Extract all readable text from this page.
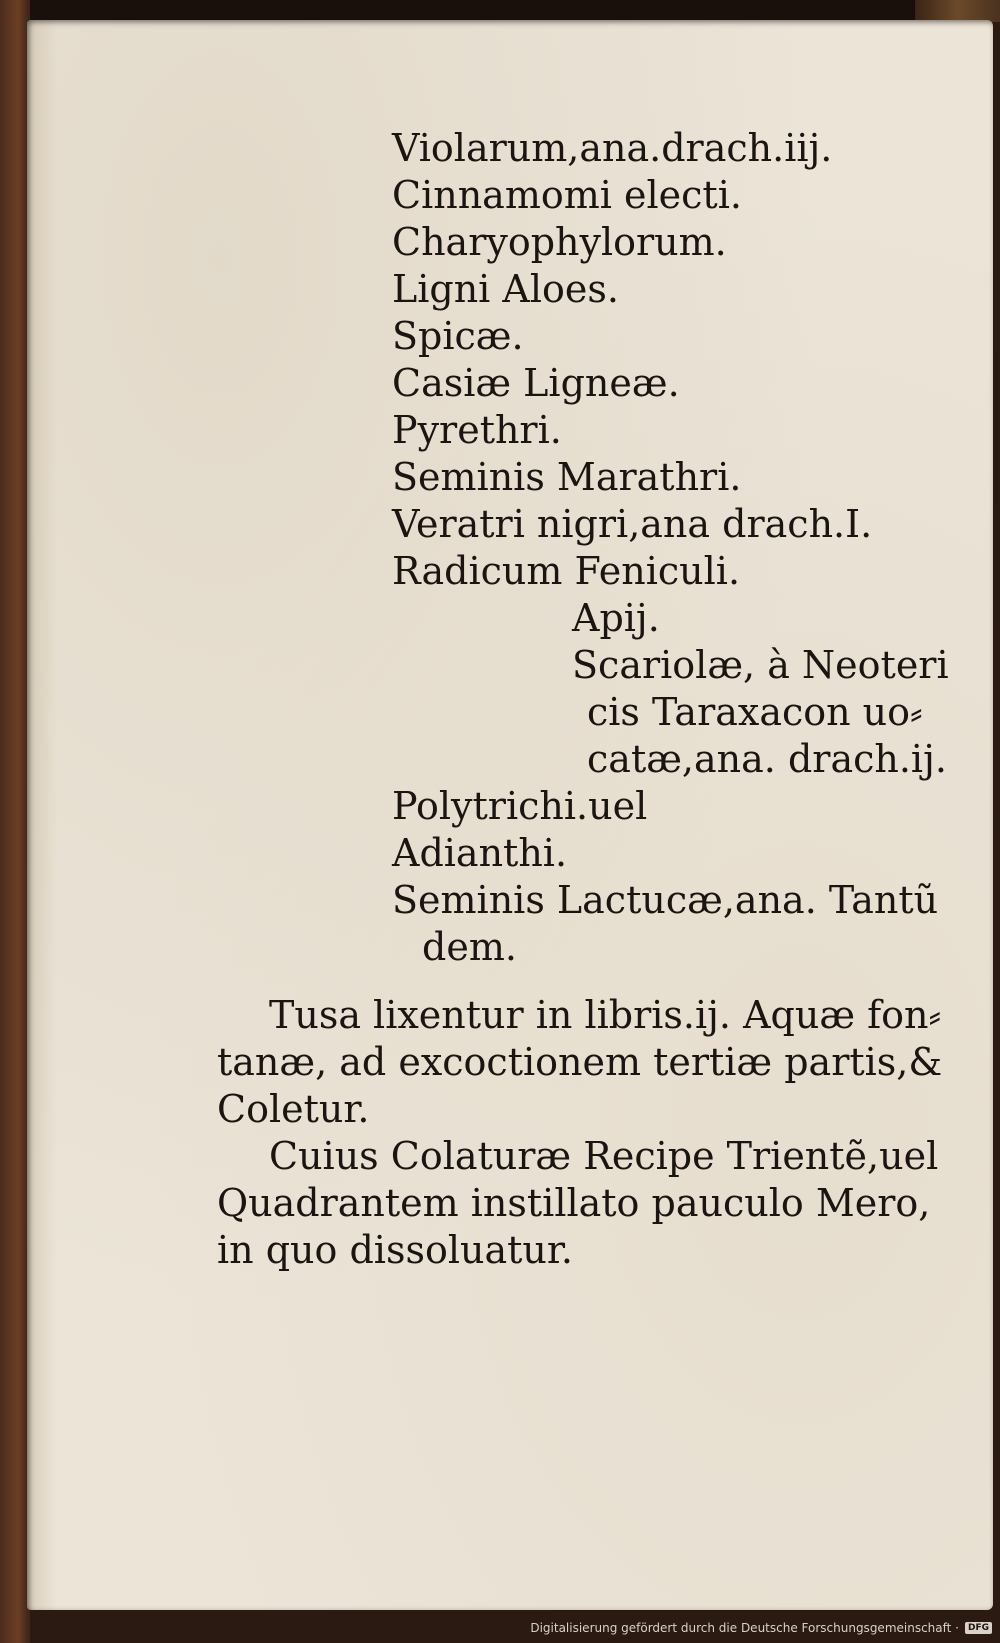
Violarum,ana.drach.iij.
Cinnamomi electi.
Charyophylorum.
Ligni Aloes.
Spicæ.
Casiæ Ligneæ.
Pyrethri.
Seminis Marathri.
Veratri nigri,ana drach.I.
Radicum Feniculi.
Apij.
Scariolæ, à Neoteri
cis Taraxacon uo⸗
catæ,ana. drach.ij.
Polytrichi.uel
Adianthi.
Seminis Lactucæ,ana. Tantũ
dem.
Tusa lixentur in libris.ij. Aquæ fon⸗
tanæ, ad excoctionem tertiæ partis,&
Coletur.
Cuius Colaturæ Recipe Trientẽ,uel
Quadrantem instillato pauculo Mero,
in quo dissoluatur.
Digitalisierung gefördert durch die Deutsche Forschungsgemeinschaft ·	DFG
